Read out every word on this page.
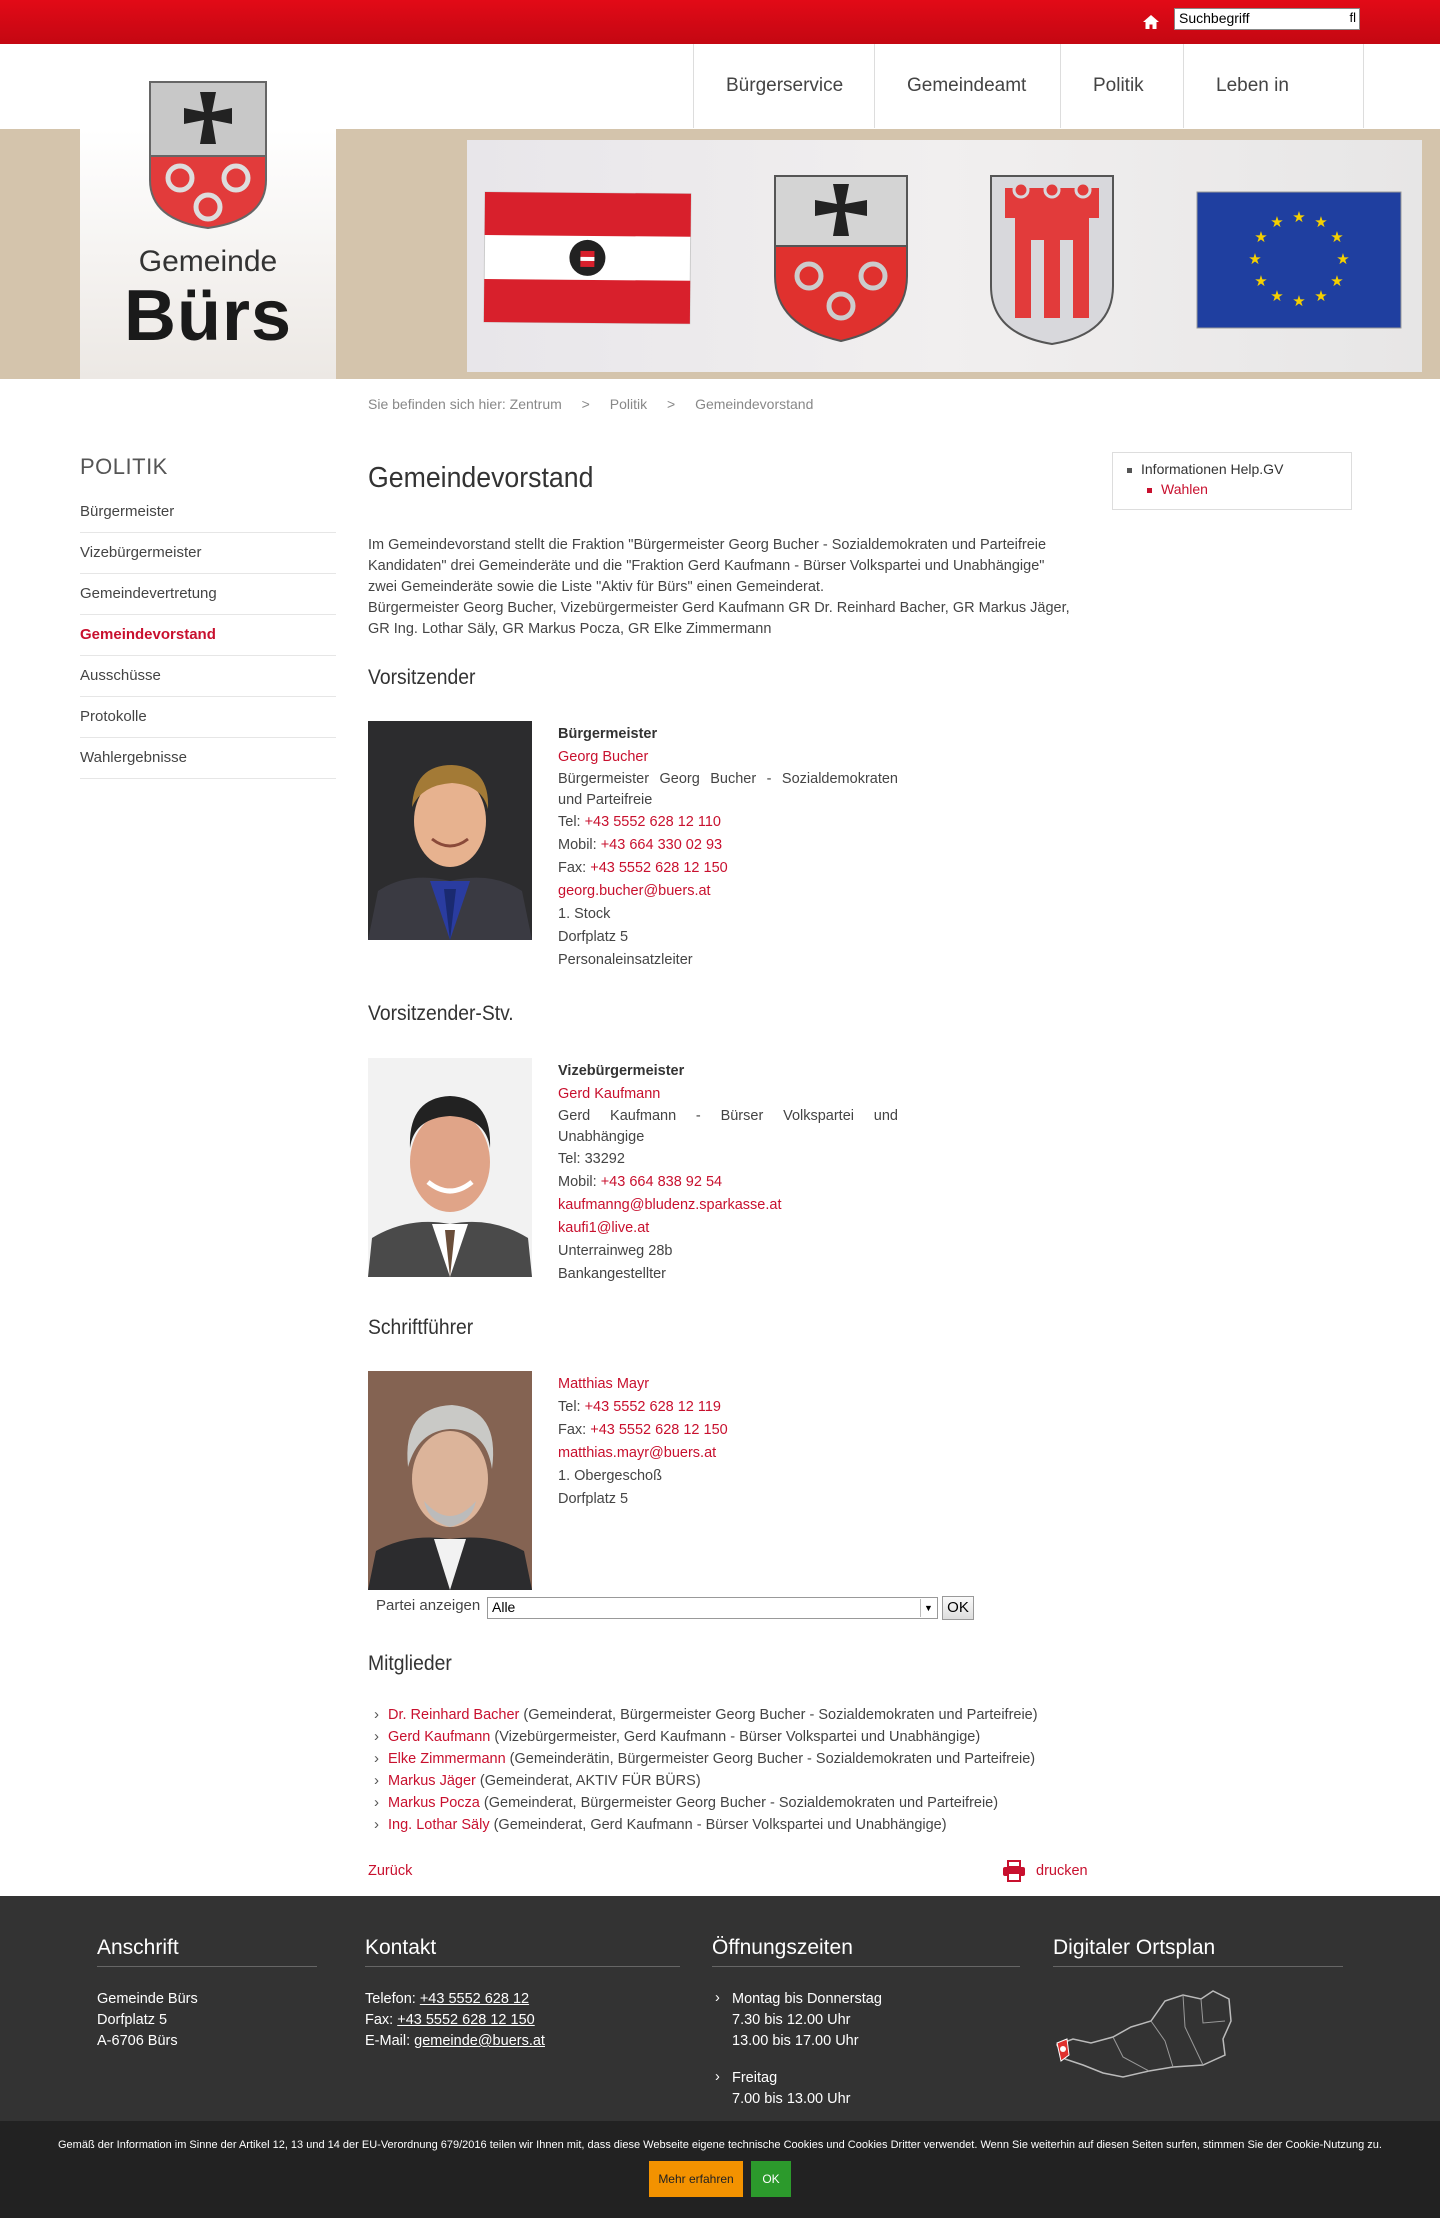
Suchbegriff	fl
Bürgerservice	Gemeindeamt	Politik	Leben in
Gemeinde
Bürs
★ ★
★
★
★
★
★
★
★
★
★
★
Sie befinden sich hier: Zentrum > Politik > Gemeindevorstand
POLITIK
Bürgermeister
Vizebürgermeister
Gemeindevertretung
Gemeindevorstand
Ausschüsse
Protokolle
Wahlergebnisse
Informationen Help.GV
Wahlen
Gemeindevorstand
Im Gemeindevorstand stellt die Fraktion "Bürgermeister Georg Bucher - Sozialdemokraten und Parteifreie
Kandidaten" drei Gemeinderäte und die "Fraktion Gerd Kaufmann - Bürser Volkspartei und Unabhängige"
zwei Gemeinderäte sowie die Liste "Aktiv für Bürs" einen Gemeinderat.
Bürgermeister Georg Bucher, Vizebürgermeister Gerd Kaufmann GR Dr. Reinhard Bacher, GR Markus Jäger,
GR Ing. Lothar Säly, GR Markus Pocza, GR Elke Zimmermann
Vorsitzender
Bürgermeister
Georg Bucher
Bürgermeister Georg Bucher - Sozialdemokraten und Parteifreie
Tel: +43 5552 628 12 110
Mobil: +43 664 330 02 93
Fax: +43 5552 628 12 150
georg.bucher@buers.at
1. Stock
Dorfplatz 5
Personaleinsatzleiter
Vorsitzender-Stv.
Vizebürgermeister
Gerd Kaufmann
Gerd Kaufmann - Bürser Volkspartei und Unabhängige
Tel: 33292
Mobil: +43 664 838 92 54
kaufmanng@bludenz.sparkasse.at
kaufi1@live.at
Unterrainweg 28b
Bankangestellter
Schriftführer
Matthias Mayr
Tel: +43 5552 628 12 119
Fax: +43 5552 628 12 150
matthias.mayr@buers.at
1. Obergeschoß
Dorfplatz 5
Partei anzeigen Alle	▼ OK
Mitglieder
› Dr. Reinhard Bacher (Gemeinderat, Bürgermeister Georg Bucher - Sozialdemokraten und Parteifreie)
› Gerd Kaufmann (Vizebürgermeister, Gerd Kaufmann - Bürser Volkspartei und Unabhängige)
› Elke Zimmermann (Gemeinderätin, Bürgermeister Georg Bucher - Sozialdemokraten und Parteifreie)
› Markus Jäger (Gemeinderat, AKTIV FÜR BÜRS)
› Markus Pocza (Gemeinderat, Bürgermeister Georg Bucher - Sozialdemokraten und Parteifreie)
› Ing. Lothar Säly (Gemeinderat, Gerd Kaufmann - Bürser Volkspartei und Unabhängige)
Zurück	drucken
Anschrift
Gemeinde Bürs
Dorfplatz 5
A-6706 Bürs
Kontakt
Telefon: +43 5552 628 12
Fax: +43 5552 628 12 150
E-Mail: gemeinde@buers.at
Öffnungszeiten
› Montag bis Donnerstag
7.30 bis 12.00 Uhr
13.00 bis 17.00 Uhr
› Freitag
7.00 bis 13.00 Uhr
Digitaler Ortsplan
Gemäß der Information im Sinne der Artikel 12, 13 und 14 der EU-Verordnung 679/2016 teilen wir Ihnen mit, dass diese Webseite eigene technische Cookies und Cookies Dritter verwendet. Wenn Sie weiterhin auf diesen Seiten surfen, stimmen Sie der Cookie-Nutzung zu.
Mehr erfahren	OK
